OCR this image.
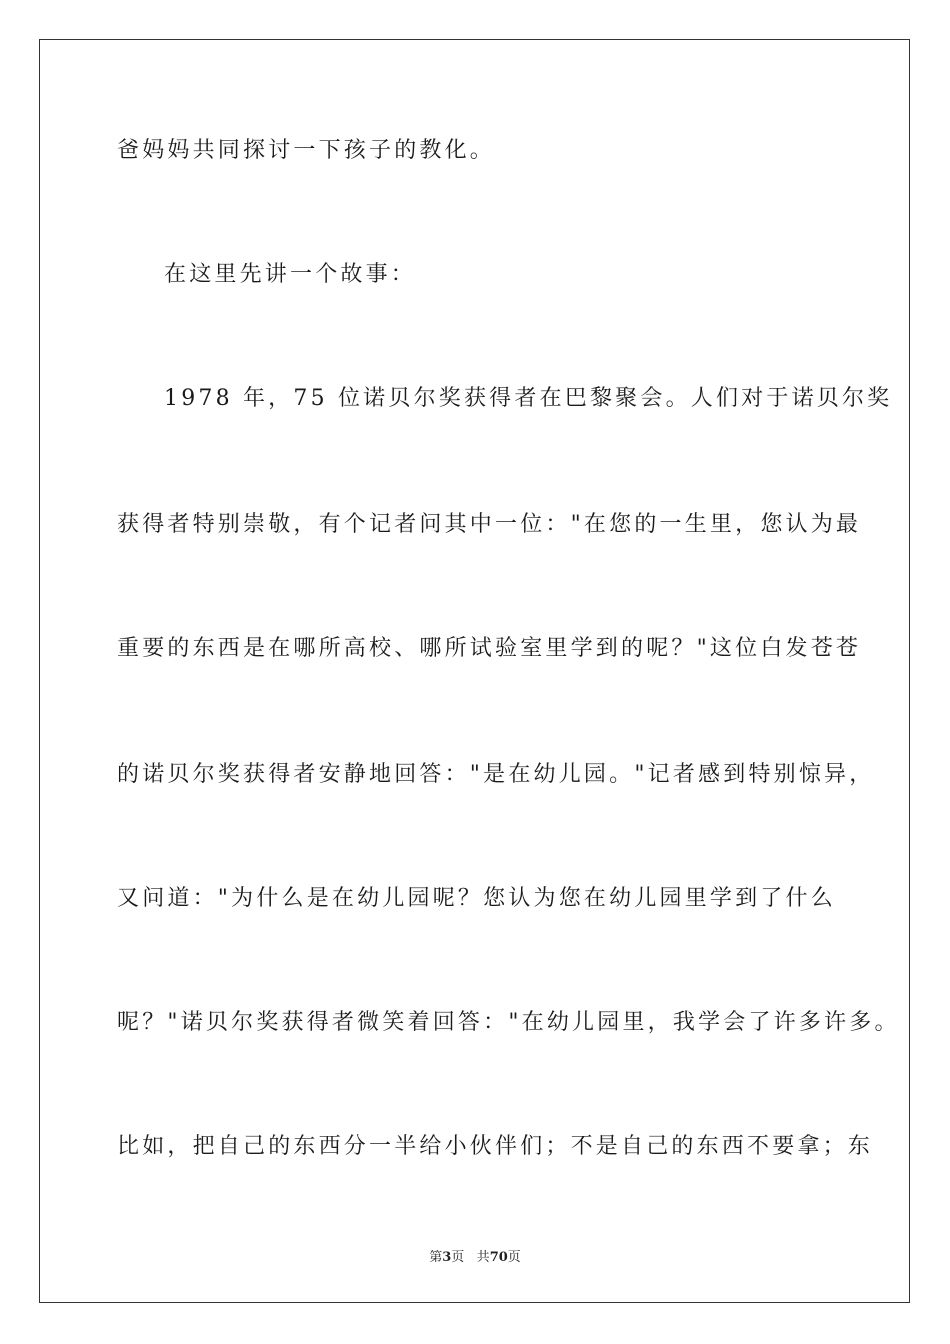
爸妈妈共同探讨一下孩子的教化。
在这里先讲一个故事：
1978 年，75 位诺贝尔奖获得者在巴黎聚会。人们对于诺贝尔奖
获得者特别崇敬，有个记者问其中一位："在您的一生里，您认为最
重要的东西是在哪所高校、哪所试验室里学到的呢？"这位白发苍苍
的诺贝尔奖获得者安静地回答："是在幼儿园。"记者感到特别惊异，
又问道："为什么是在幼儿园呢？您认为您在幼儿园里学到了什么
呢？"诺贝尔奖获得者微笑着回答："在幼儿园里，我学会了许多许多。
比如，把自己的东西分一半给小伙伴们；不是自己的东西不要拿；东
第3页 共70页
